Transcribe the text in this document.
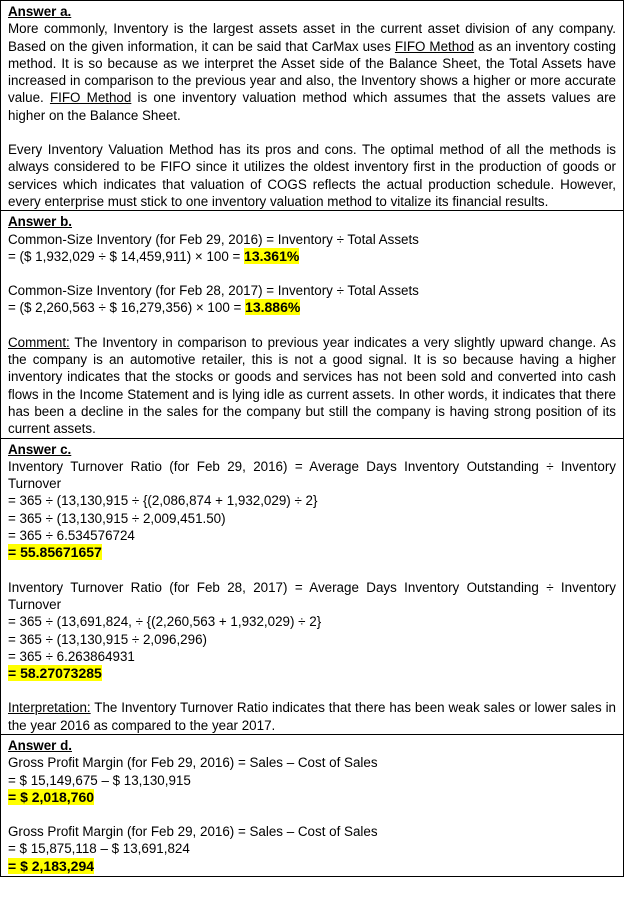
Answer a.

More commonly, Inventory is the largest assets asset in the current asset division of any company. Based on the given information, it can be said that CarMax uses FIFO Method as an inventory costing method. It is so because as we interpret the Asset side of the Balance Sheet, the Total Assets have increased in comparison to the previous year and also, the Inventory shows a higher or more accurate value. FIFO Method is one inventory valuation method which assumes that the assets values are higher on the Balance Sheet.

Every Inventory Valuation Method has its pros and cons. The optimal method of all the methods is always considered to be FIFO since it utilizes the oldest inventory first in the production of goods or services which indicates that valuation of COGS reflects the actual production schedule. However, every enterprise must stick to one inventory valuation method to vitalize its financial results.

Answer b.
Common-Size Inventory (for Feb 29, 2016) = Inventory ÷ Total Assets
= ($ 1,932,029 ÷ $ 14,459,911) × 100 = 13.361%
Common-Size Inventory (for Feb 28, 2017) = Inventory ÷ Total Assets
= ($ 2,260,563 ÷ $ 16,279,356) × 100 = 13.886%

Comment: The Inventory in comparison to previous year indicates a very slightly upward change. As the company is an automotive retailer, this is not a good signal. It is so because having a higher inventory indicates that the stocks or goods and services has not been sold and converted into cash flows in the Income Statement and is lying idle as current assets. In other words, it indicates that there has been a decline in the sales for the company but still the company is having strong position of its current assets.

Answer c.

Inventory Turnover Ratio (for Feb 29, 2016) = Average Days Inventory Outstanding ÷ Inventory Turnover

= 365 ÷ (13,130,915 ÷ {(2,086,874 + 1,932,029) ÷ 2}
= 365 ÷ (13,130,915 ÷ 2,009,451.50)
= 365 ÷ 6.534576724
= 55.85671657

Inventory Turnover Ratio (for Feb 28, 2017) = Average Days Inventory Outstanding ÷ Inventory Turnover

= 365 ÷ (13,691,824, ÷ {(2,260,563 + 1,932,029) ÷ 2}
= 365 ÷ (13,130,915 ÷ 2,096,296)
= 365 ÷ 6.263864931
= 58.27073285

Interpretation: The Inventory Turnover Ratio indicates that there has been weak sales or lower sales in the year 2016 as compared to the year 2017.

Answer d.
Gross Profit Margin (for Feb 29, 2016) = Sales – Cost of Sales
= $ 15,149,675 – $ 13,130,915
= $ 2,018,760
Gross Profit Margin (for Feb 29, 2016) = Sales – Cost of Sales
= $ 15,875,118 – $ 13,691,824
= $ 2,183,294
